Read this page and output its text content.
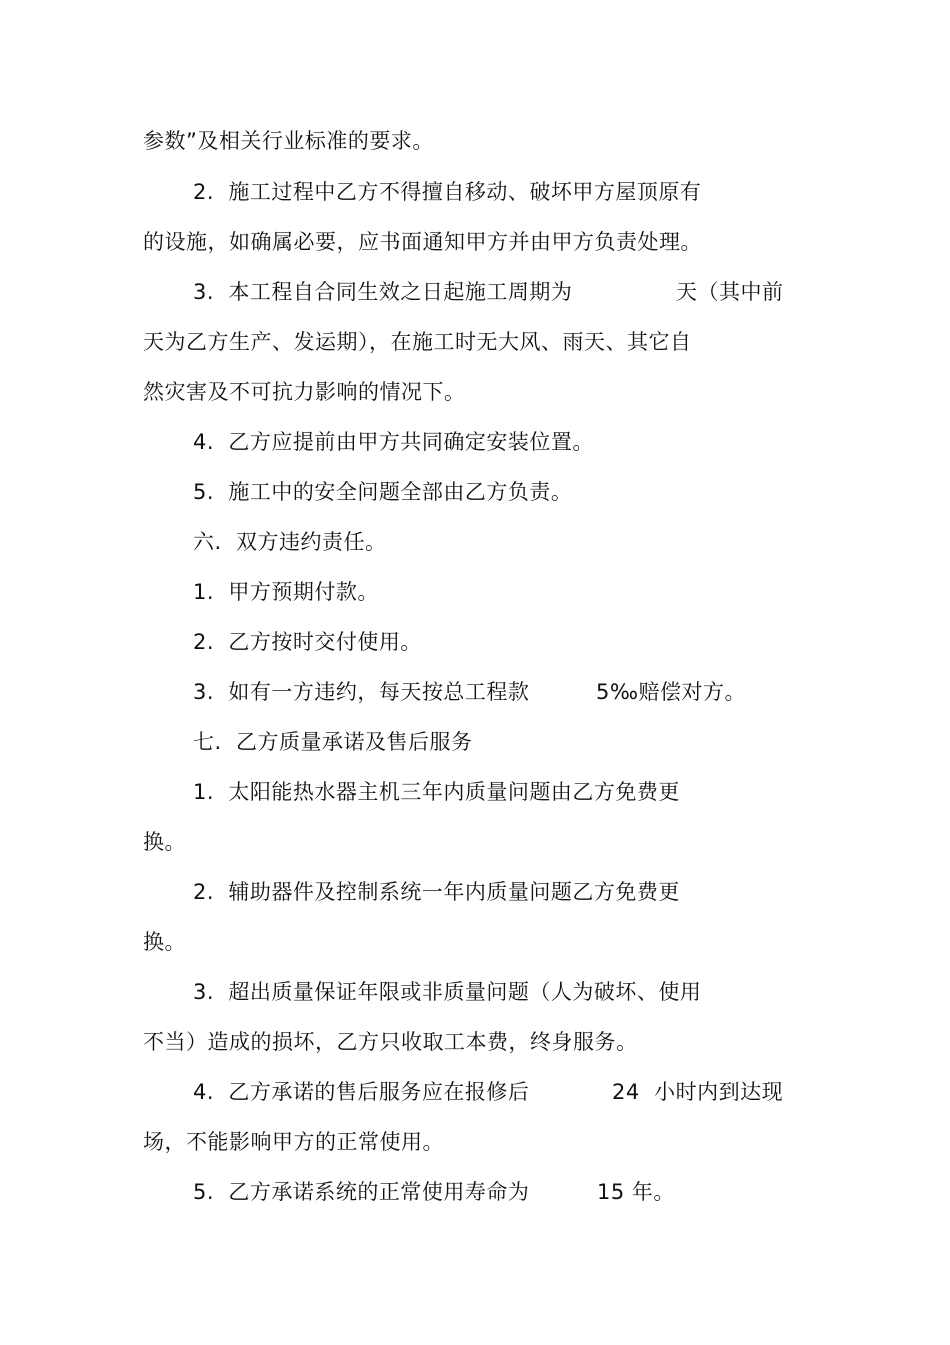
参数”及相关行业标准的要求。
2.  施工过程中乙方不得擅自移动、破坏甲方屋顶原有
的设施，如确属必要，应书面通知甲方并由甲方负责处理。
3.  本工程自合同生效之日起施工周期为	天（其中前
天为乙方生产、发运期），在施工时无大风、雨天、其它自
然灾害及不可抗力影响的情况下。
4.  乙方应提前由甲方共同确定安装位置。
5.  施工中的安全问题全部由乙方负责。
六.  双方违约责任。
1.  甲方预期付款。
2.  乙方按时交付使用。
3.  如有一方违约，每天按总工程款	5‰赔偿对方。
七.  乙方质量承诺及售后服务
1.  太阳能热水器主机三年内质量问题由乙方免费更
换。
2.  辅助器件及控制系统一年内质量问题乙方免费更
换。
3.  超出质量保证年限或非质量问题（人为破坏、使用
不当）造成的损坏，乙方只收取工本费，终身服务。
4.  乙方承诺的售后服务应在报修后	24  小时内到达现
场，不能影响甲方的正常使用。
5.  乙方承诺系统的正常使用寿命为	15 年。
